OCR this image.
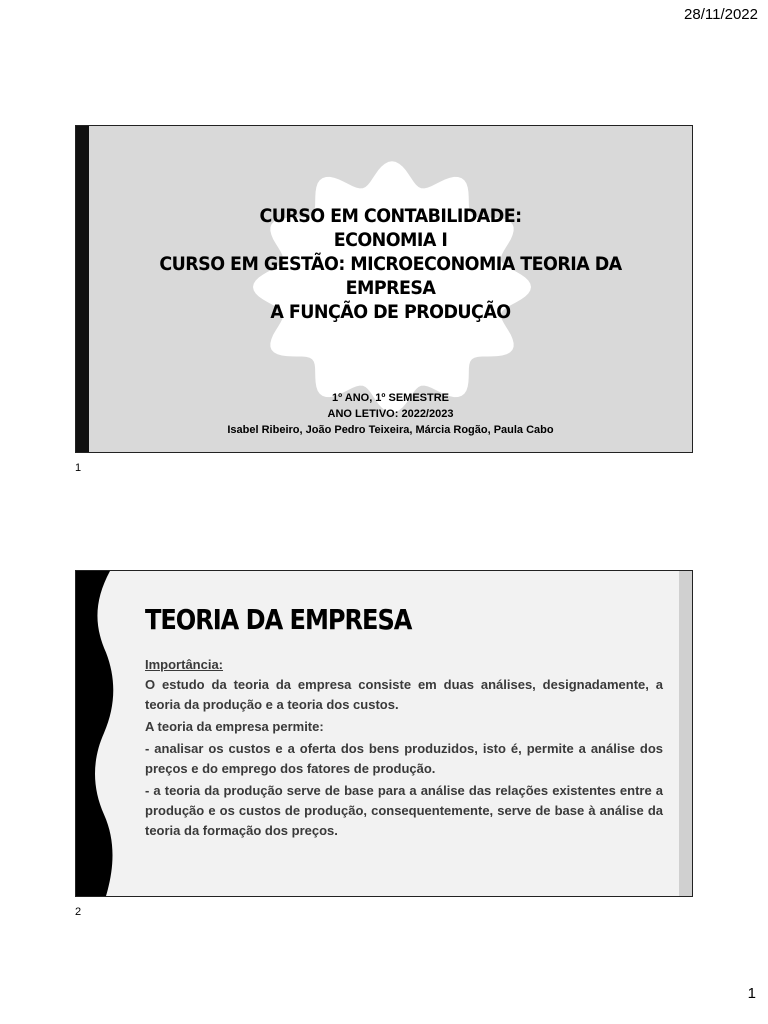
28/11/2022
CURSO EM CONTABILIDADE:
ECONOMIA I
CURSO EM GESTÃO: MICROECONOMIA TEORIA DA
EMPRESA
A FUNÇÃO DE PRODUÇÃO
1º ANO, 1º SEMESTRE
ANO LETIVO: 2022/2023
Isabel Ribeiro, João Pedro Teixeira, Márcia Rogão, Paula Cabo
1
TEORIA DA EMPRESA

Importância:

O estudo da teoria da empresa consiste em duas análises, designadamente, a teoria da produção e a teoria dos custos.

A teoria da empresa permite:

- analisar os custos e a oferta dos bens produzidos, isto é, permite a análise dos preços e do emprego dos fatores de produção.

- a teoria da produção serve de base para a análise das relações existentes entre a produção e os custos de produção, consequentemente, serve de base à análise da teoria da formação dos preços.

2
1
